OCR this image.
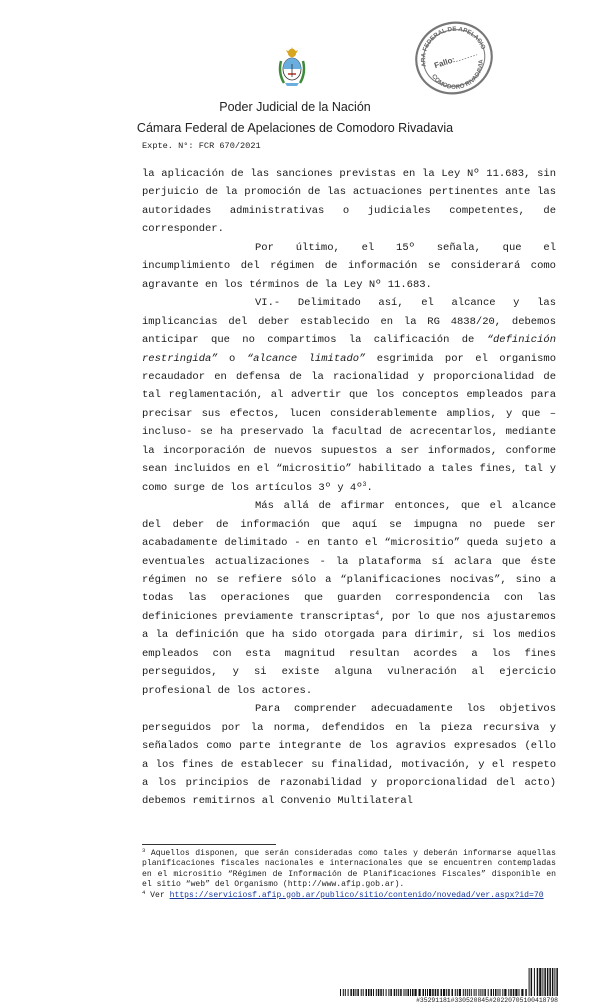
CÁMARA FEDERAL DE APELACIONES
COMODORO RIVADAVIA
Fallo:
Poder Judicial de la Nación
Cámara Federal de Apelaciones de Comodoro Rivadavia
Expte. N°: FCR 670/2021

la aplicación de las sanciones previstas en la Ley Nº 11.683, sin perjuicio de la promoción de las actuaciones pertinentes ante las autoridades administrativas o judiciales competentes, de corresponder.

Por último, el 15º señala, que el incumplimiento del régimen de información se considerará como agravante en los términos de la Ley Nº 11.683.

VI.- Delimitado así, el alcance y las implicancias del deber establecido en la RG 4838/20, debemos anticipar que no compartimos la calificación de “definición restringida” o “alcance limitado” esgrimida por el organismo recaudador en defensa de la racionalidad y proporcionalidad de tal reglamentación, al advertir que los conceptos empleados para precisar sus efectos, lucen considerablemente amplios, y que –incluso- se ha preservado la facultad de acrecentarlos, mediante la incorporación de nuevos supuestos a ser informados, conforme sean incluidos en el “micrositio” habilitado a tales fines, tal y como surge de los artículos 3º y 4º$^3$.

Más allá de afirmar entonces, que el alcance del deber de información que aquí se impugna no puede ser acabadamente delimitado - en tanto el “micrositio” queda sujeto a eventuales actualizaciones - la plataforma sí aclara que éste régimen no se refiere sólo a “planificaciones nocivas”, sino a todas las operaciones que guarden correspondencia con las definiciones previamente transcriptas$^4$, por lo que nos ajustaremos a la definición que ha sido otorgada para dirimir, si los medios empleados con esta magnitud resultan acordes a los fines perseguidos, y si existe alguna vulneración al ejercicio profesional de los actores.

Para comprender adecuadamente los objetivos perseguidos por la norma, defendidos en la pieza recursiva y señalados como parte integrante de los agravios expresados (ello a los fines de establecer su finalidad, motivación, y el respeto a los principios de razonabilidad y proporcionalidad del acto) debemos remitirnos al Convenio Multilateral

$^3$ Aquellos disponen, que serán consideradas como tales y deberán informarse aquellas planificaciones fiscales nacionales e internacionales que se encuentren contempladas en el micrositio “Régimen de Información de Planificaciones Fiscales” disponible en el sitio “web” del Organismo (http://www.afip.gob.ar).

$^4$ Ver https://serviciosf.afip.gob.ar/publico/sitio/contenido/novedad/ver.aspx?id=70

#35291181#330520845#20220705100418798
